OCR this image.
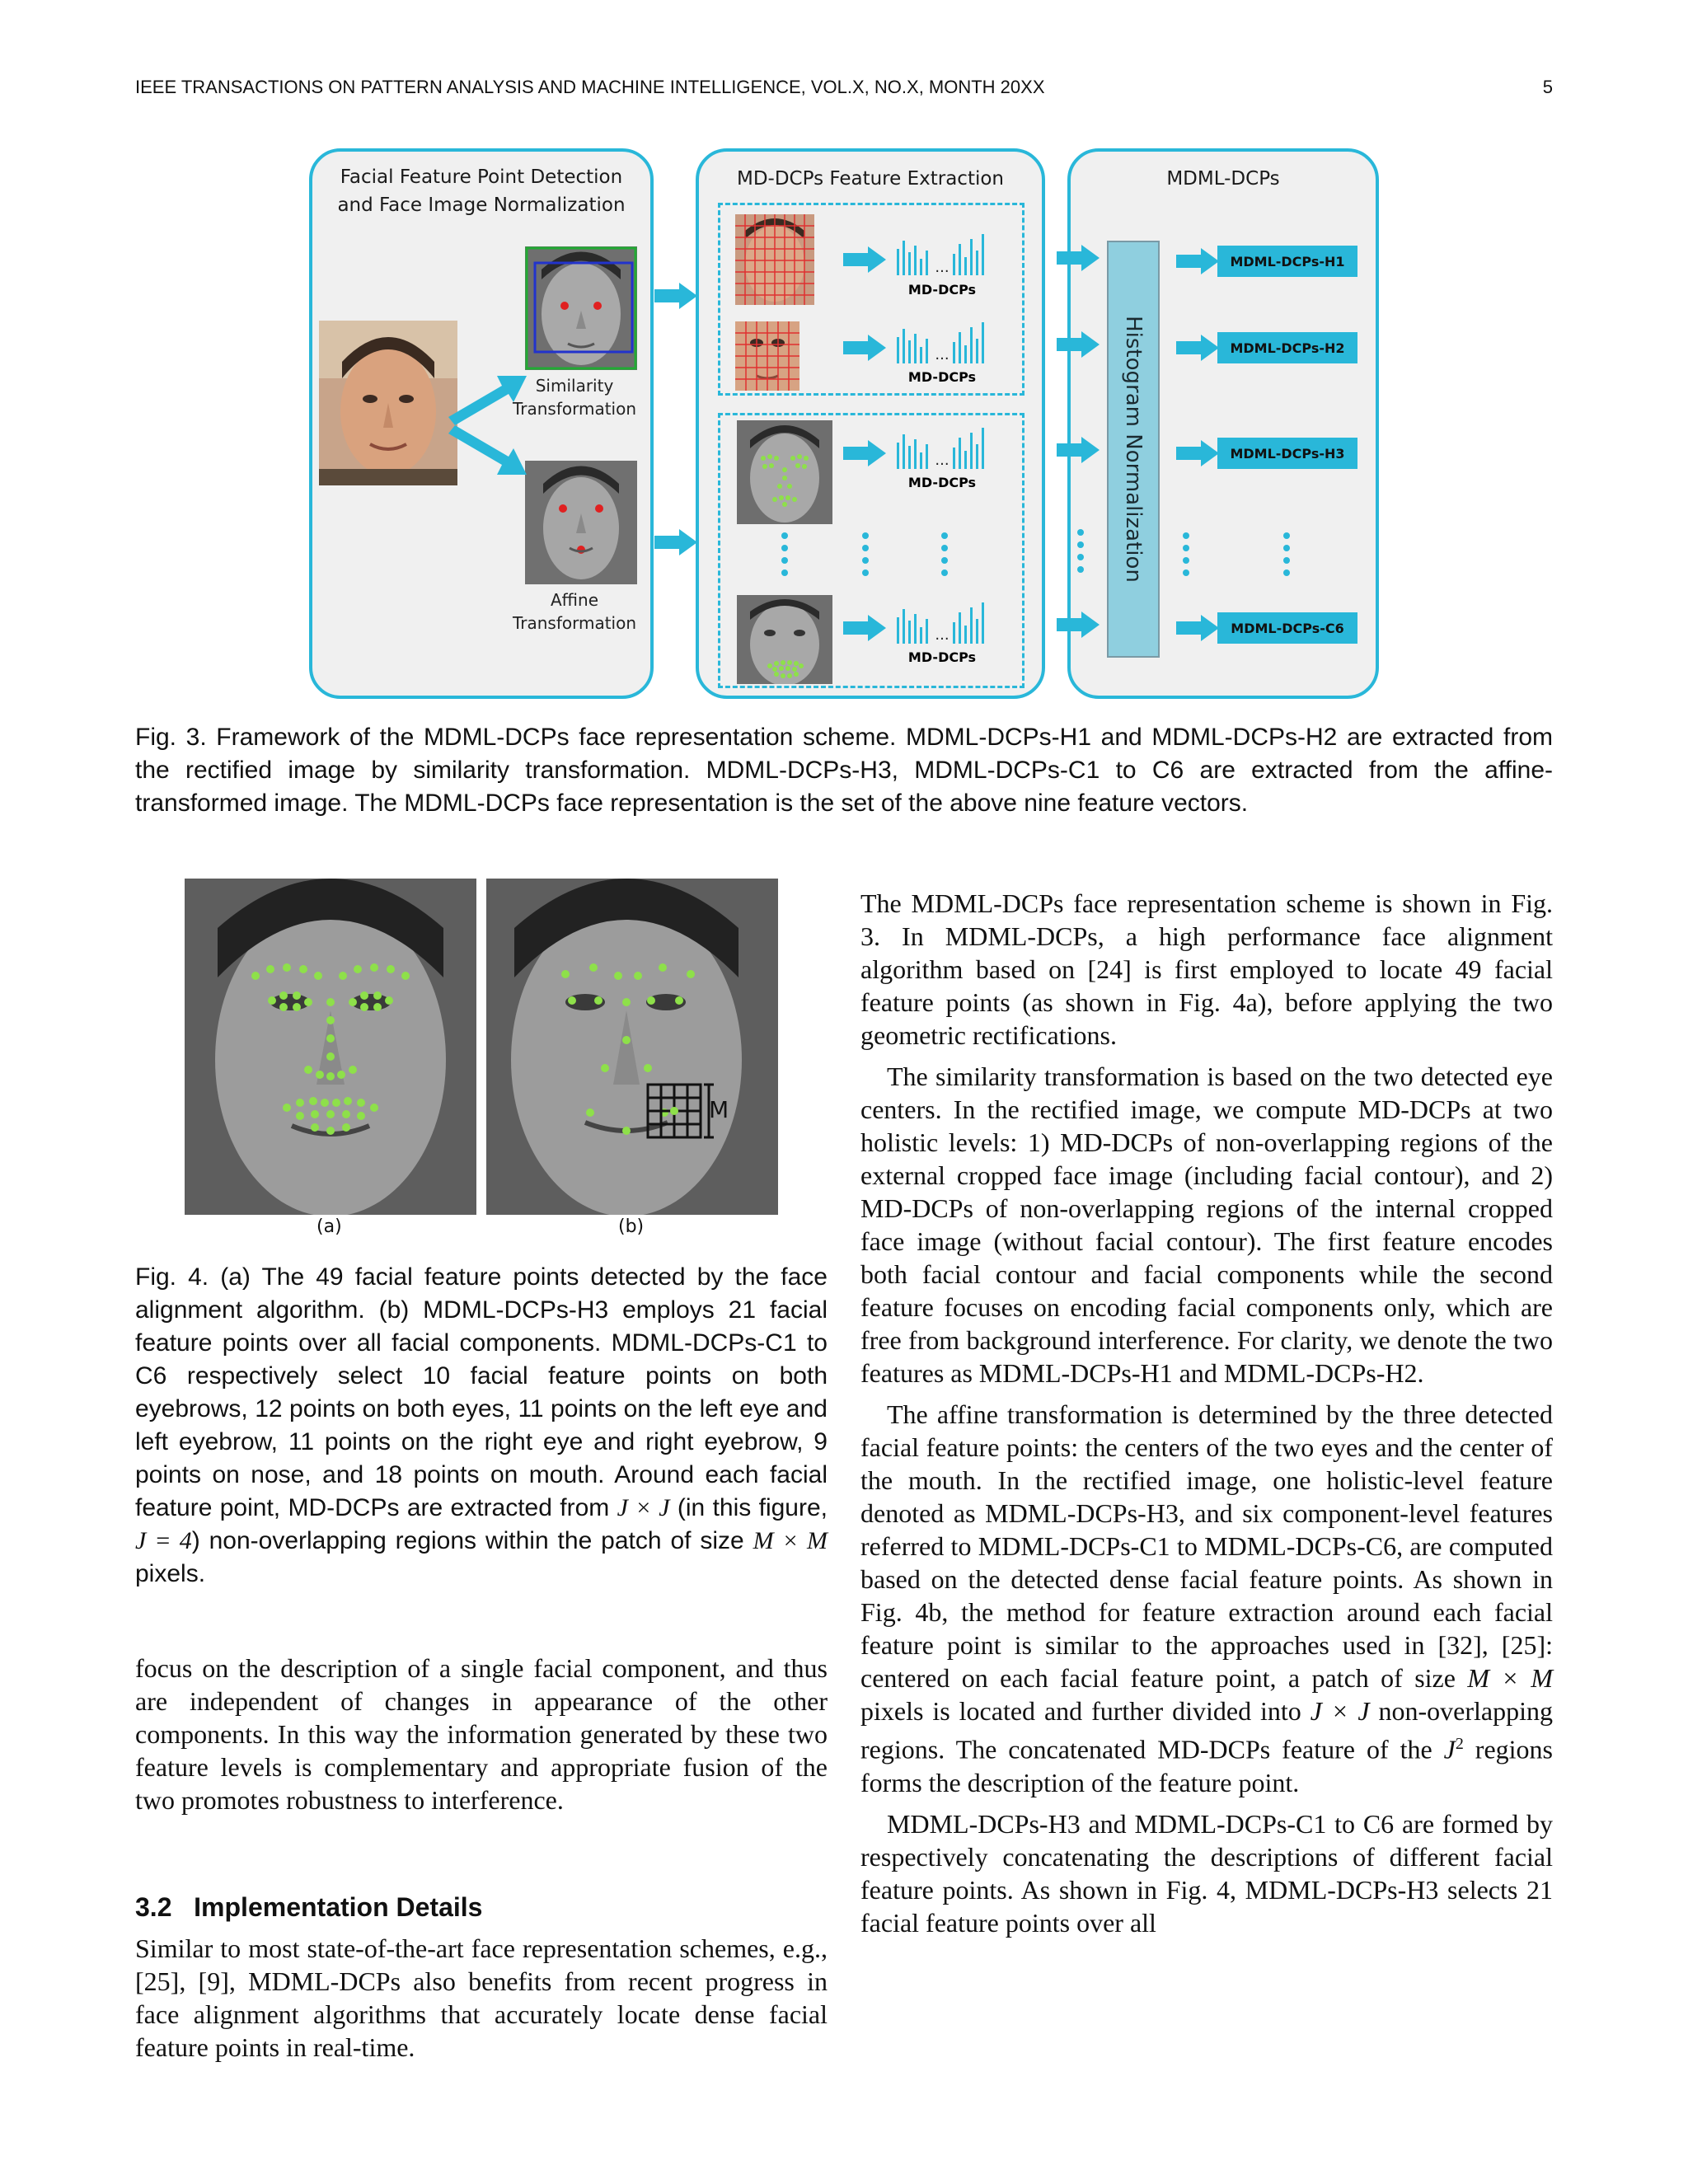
IEEE TRANSACTIONS ON PATTERN ANALYSIS AND MACHINE INTELLIGENCE, VOL.X, NO.X, MONTH 20XX	5
Facial Feature Point Detection and Face Image Normalization
Similarity Transformation
Affine Transformation
MD-DCPs Feature Extraction
...
MD-DCPs
...
MD-DCPs
...
MD-DCPs
...
MD-DCPs
MDML-DCPs
Histogram Normalization
MDML-DCPs-H1
MDML-DCPs-H2
MDML-DCPs-H3
MDML-DCPs-C6
Fig. 3. Framework of the MDML-DCPs face representation scheme. MDML-DCPs-H1 and MDML-DCPs-H2 are extracted from the rectified image by similarity transformation. MDML-DCPs-H3, MDML-DCPs-C1 to C6 are extracted from the affine-transformed image. The MDML-DCPs face representation is the set of the above nine feature vectors.
M
(a)	(b)
Fig. 4. (a) The 49 facial feature points detected by the face alignment algorithm. (b) MDML-DCPs-H3 employs 21 facial feature points over all facial components. MDML-DCPs-C1 to C6 respectively select 10 facial feature points on both eyebrows, 12 points on both eyes, 11 points on the left eye and left eyebrow, 11 points on the right eye and right eyebrow, 9 points on nose, and 18 points on mouth. Around each facial feature point, MD-DCPs are extracted from J × J (in this figure, J = 4) non-overlapping regions within the patch of size M × M pixels.
focus on the description of a single facial component, and thus are independent of changes in appearance of the other components. In this way the information generated by these two feature levels is complementary and appropriate fusion of the two promotes robustness to interference.
3.2 Implementation Details
Similar to most state-of-the-art face representation schemes, e.g., [25], [9], MDML-DCPs also benefits from recent progress in face alignment algorithms that accurately locate dense facial feature points in real-time.

The MDML-DCPs face representation scheme is shown in Fig. 3. In MDML-DCPs, a high performance face alignment algorithm based on [24] is first employed to locate 49 facial feature points (as shown in Fig. 4a), before applying the two geometric rectifications.

The similarity transformation is based on the two detected eye centers. In the rectified image, we compute MD-DCPs at two holistic levels: 1) MD-DCPs of non-overlapping regions of the external cropped face image (including facial contour), and 2) MD-DCPs of non-overlapping regions of the internal cropped face image (without facial contour). The first feature encodes both facial contour and facial components while the second feature focuses on encoding facial components only, which are free from background interference. For clarity, we denote the two features as MDML-DCPs-H1 and MDML-DCPs-H2.

The affine transformation is determined by the three detected facial feature points: the centers of the two eyes and the center of the mouth. In the rectified image, one holistic-level feature denoted as MDML-DCPs-H3, and six component-level features referred to MDML-DCPs-C1 to MDML-DCPs-C6, are computed based on the detected dense facial feature points. As shown in Fig. 4b, the method for feature extraction around each facial feature point is similar to the approaches used in [32], [25]: centered on each facial feature point, a patch of size M × M pixels is located and further divided into J × J non-overlapping regions. The concatenated MD-DCPs feature of the $J^2$ regions forms the description of the feature point.

MDML-DCPs-H3 and MDML-DCPs-C1 to C6 are formed by respectively concatenating the descriptions of different facial feature points. As shown in Fig. 4, MDML-DCPs-H3 selects 21 facial feature points over all
